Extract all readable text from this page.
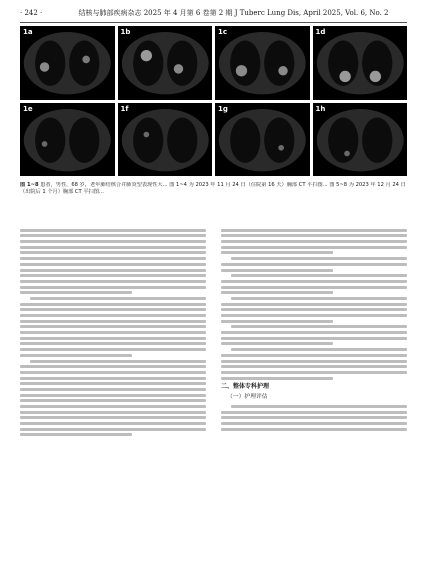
· 242 ·	结核与肺部疾病杂志 2025 年 4 月第 6 卷第 2 期 J Tuberc Lung Dis, April 2025, Vol. 6, No. 2
1a	1b	1c	1d
1e	1f	1g	1h
图 1~8 患者，男性，68 岁，老年肺结核合并肺炎型表现性大... 图 1~4 为 2023 年 11 月 24 日（住院第 16 天）胸部 CT 平扫图... 图 5~8 为 2023 年 12 月 24 日（出院后 1 个月）胸部 CT 平扫图...
二、整体专科护理
（一）护理评估
